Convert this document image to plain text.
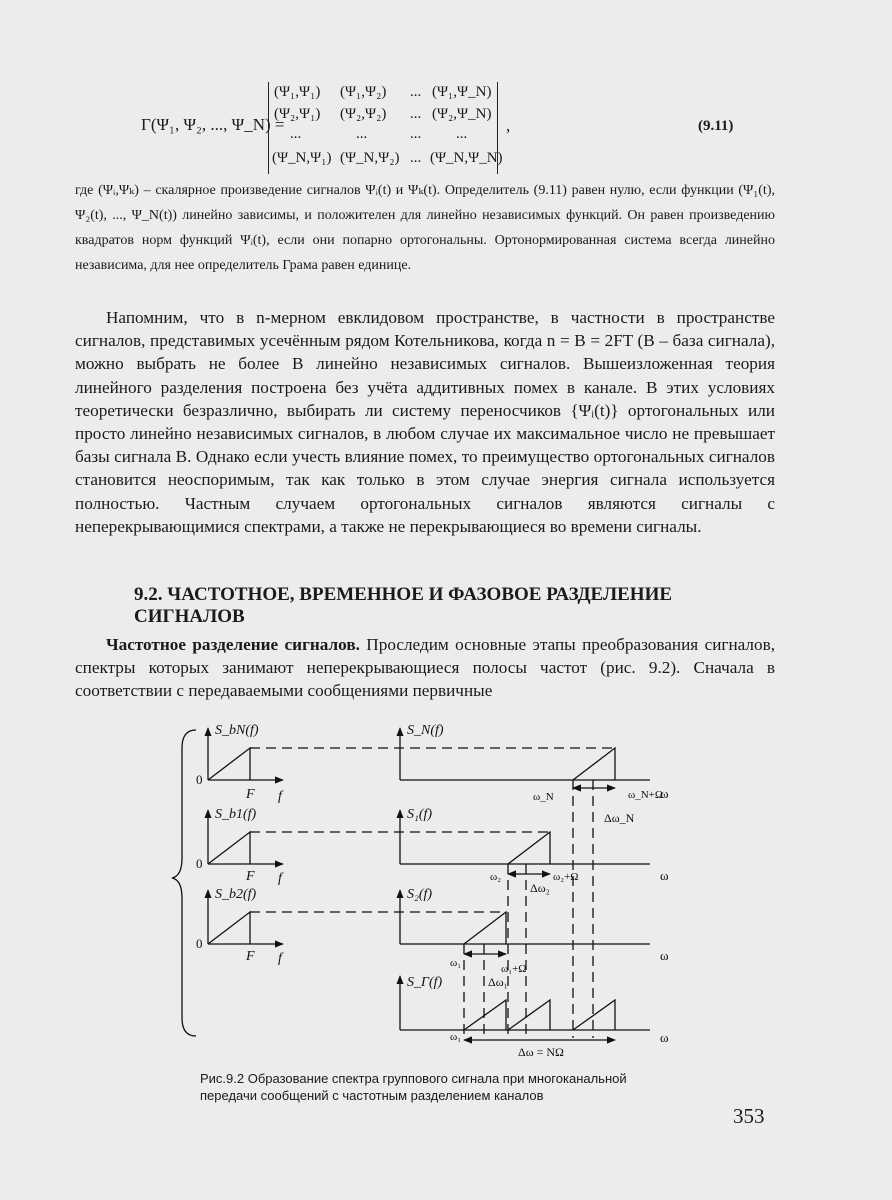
Γ(Ψ₁, Ψ₂, ..., Ψ_N) =
(Ψ₁,Ψ₁) (Ψ₁,Ψ₂) ... (Ψ₁,Ψ_N)
(Ψ₂,Ψ₁) (Ψ₂,Ψ₂) ... (Ψ₂,Ψ_N)
...	...	... ...
(Ψ_N,Ψ₁) (Ψ_N,Ψ₂) ... (Ψ_N,Ψ_N)
,	(9.11)
где (Ψᵢ,Ψₖ) – скалярное произведение сигналов Ψᵢ(t) и Ψₖ(t). Определитель (9.11) равен нулю, если функции (Ψ₁(t), Ψ₂(t), ..., Ψ_N(t)) линейно зависимы, и положителен для линейно независимых функций. Он равен произведению квадратов норм функций Ψᵢ(t), если они попарно ортогональны. Ортонормированная система всегда линейно независима, для нее определитель Грама равен единице.
Напомним, что в n-мерном евклидовом пространстве, в частности в пространстве сигналов, представимых усечённым рядом Котельникова, когда n = B = 2FT (B – база сигнала), можно выбрать не более B линейно независимых сигналов. Вышеизложенная теория линейного разделения построена без учёта аддитивных помех в канале. В этих условиях теоретически безразлично, выбирать ли систему переносчиков {Ψᵢ(t)} ортогональных или просто линейно независимых сигналов, в любом случае их максимальное число не превышает базы сигнала B. Однако если учесть влияние помех, то преимущество ортогональных сигналов становится неоспоримым, так как только в этом случае энергия сигнала используется полностью. Частным случаем ортогональных сигналов являются сигналы с неперекрывающимися спектрами, а также не перекрывающиеся во времени сигналы.
9.2. ЧАСТОТНОЕ, ВРЕМЕННОЕ И ФАЗОВОЕ РАЗДЕЛЕНИЕ СИГНАЛОВ
Частотное разделение сигналов. Проследим основные этапы преобразования сигналов, спектры которых занимают неперекрывающиеся полосы частот (рис. 9.2). Сначала в соответствии с передаваемыми сообщениями первичные
S_bN(f)	S_N(f)
0
F f	ω_N	ω_N+Ω
ω
Δω_N
S_b1(f)	S₁(f)
0
F f	ω₂	ω₂+Ω
Δω₂
ω
S_b2(f)	S₂(f)
0
F f	ω₁	ω₁+Ω
Δω₁
ω
S_Γ(f)
ω₁
Δω = NΩ
ω
Рис.9.2 Образование спектра группового сигнала при многоканальной передачи сообщений с частотным разделением каналов
353
